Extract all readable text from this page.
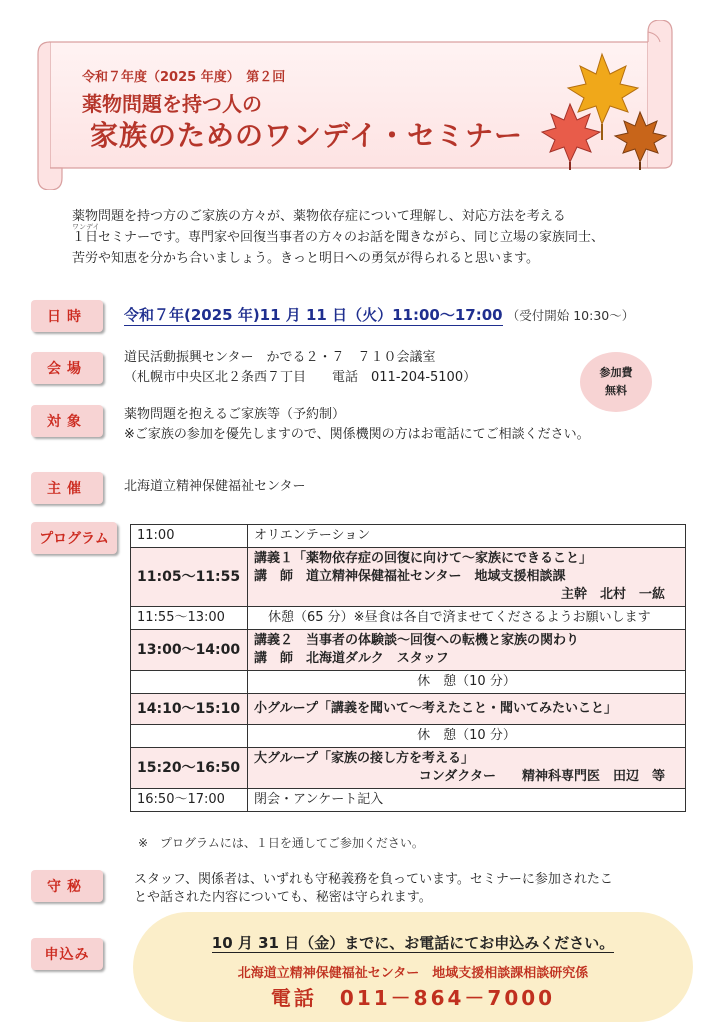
令和７年度（2025 年度）　第２回
薬物問題を持つ人の
家族のためのワンデイ・セミナー
ワンデイ

薬物問題を持つ方のご家族の方々が、薬物依存症について理解し、対応方法を考える

１日セミナーです。専門家や回復当事者の方々のお話を聞きながら、同じ立場の家族同士、

苦労や知恵を分かち合いましょう。きっと明日への勇気が得られると思います。

日時	令和７年(2025 年)11 月 11 日（火）11:00～17:00 （受付開始 10:30～）
会場
道民活動振興センター　かでる２・７　７１０会議室
（札幌市中央区北２条西７丁目　　電話　011-204-5100）	参加費
無料
対象	薬物問題を抱えるご家族等（予約制）
※ご家族の参加を優先しますので、関係機関の方はお電話にてご相談ください。
主催	北海道立精神保健福祉センター
プログラム	11:00	オリエンテーション
11:05～11:55	講義１「薬物依存症の回復に向けて～家族にできること」
講　師　道立精神保健福祉センター　地域支援相談課
主幹　北村　一紘

11:55～13:00	休憩（65 分）※昼食は各自で済ませてくださるようお願いします
13:00～14:00	講義２　当事者の体験談～回復への転機と家族の関わり
講　師　北海道ダルク　スタッフ

	休　憩（10 分）
14:10～15:10	小グループ「講義を聞いて～考えたこと・聞いてみたいこと」
	休　憩（10 分）
15:20～16:50	大グループ「家族の接し方を考える」
コンダクター　　精神科専門医　田辺　等

16:50～17:00	閉会・アンケート記入
※　プログラムには、１日を通してご参加ください。
守秘	スタッフ、関係者は、いずれも守秘義務を負っています。セミナーに参加されたこ
とや話された内容についても、秘密は守られます。
申込み
10 月 31 日（金）までに、お電話にてお申込みください。
北海道立精神保健福祉センター　地域支援相談課相談研究係
電話　011－864－7000
